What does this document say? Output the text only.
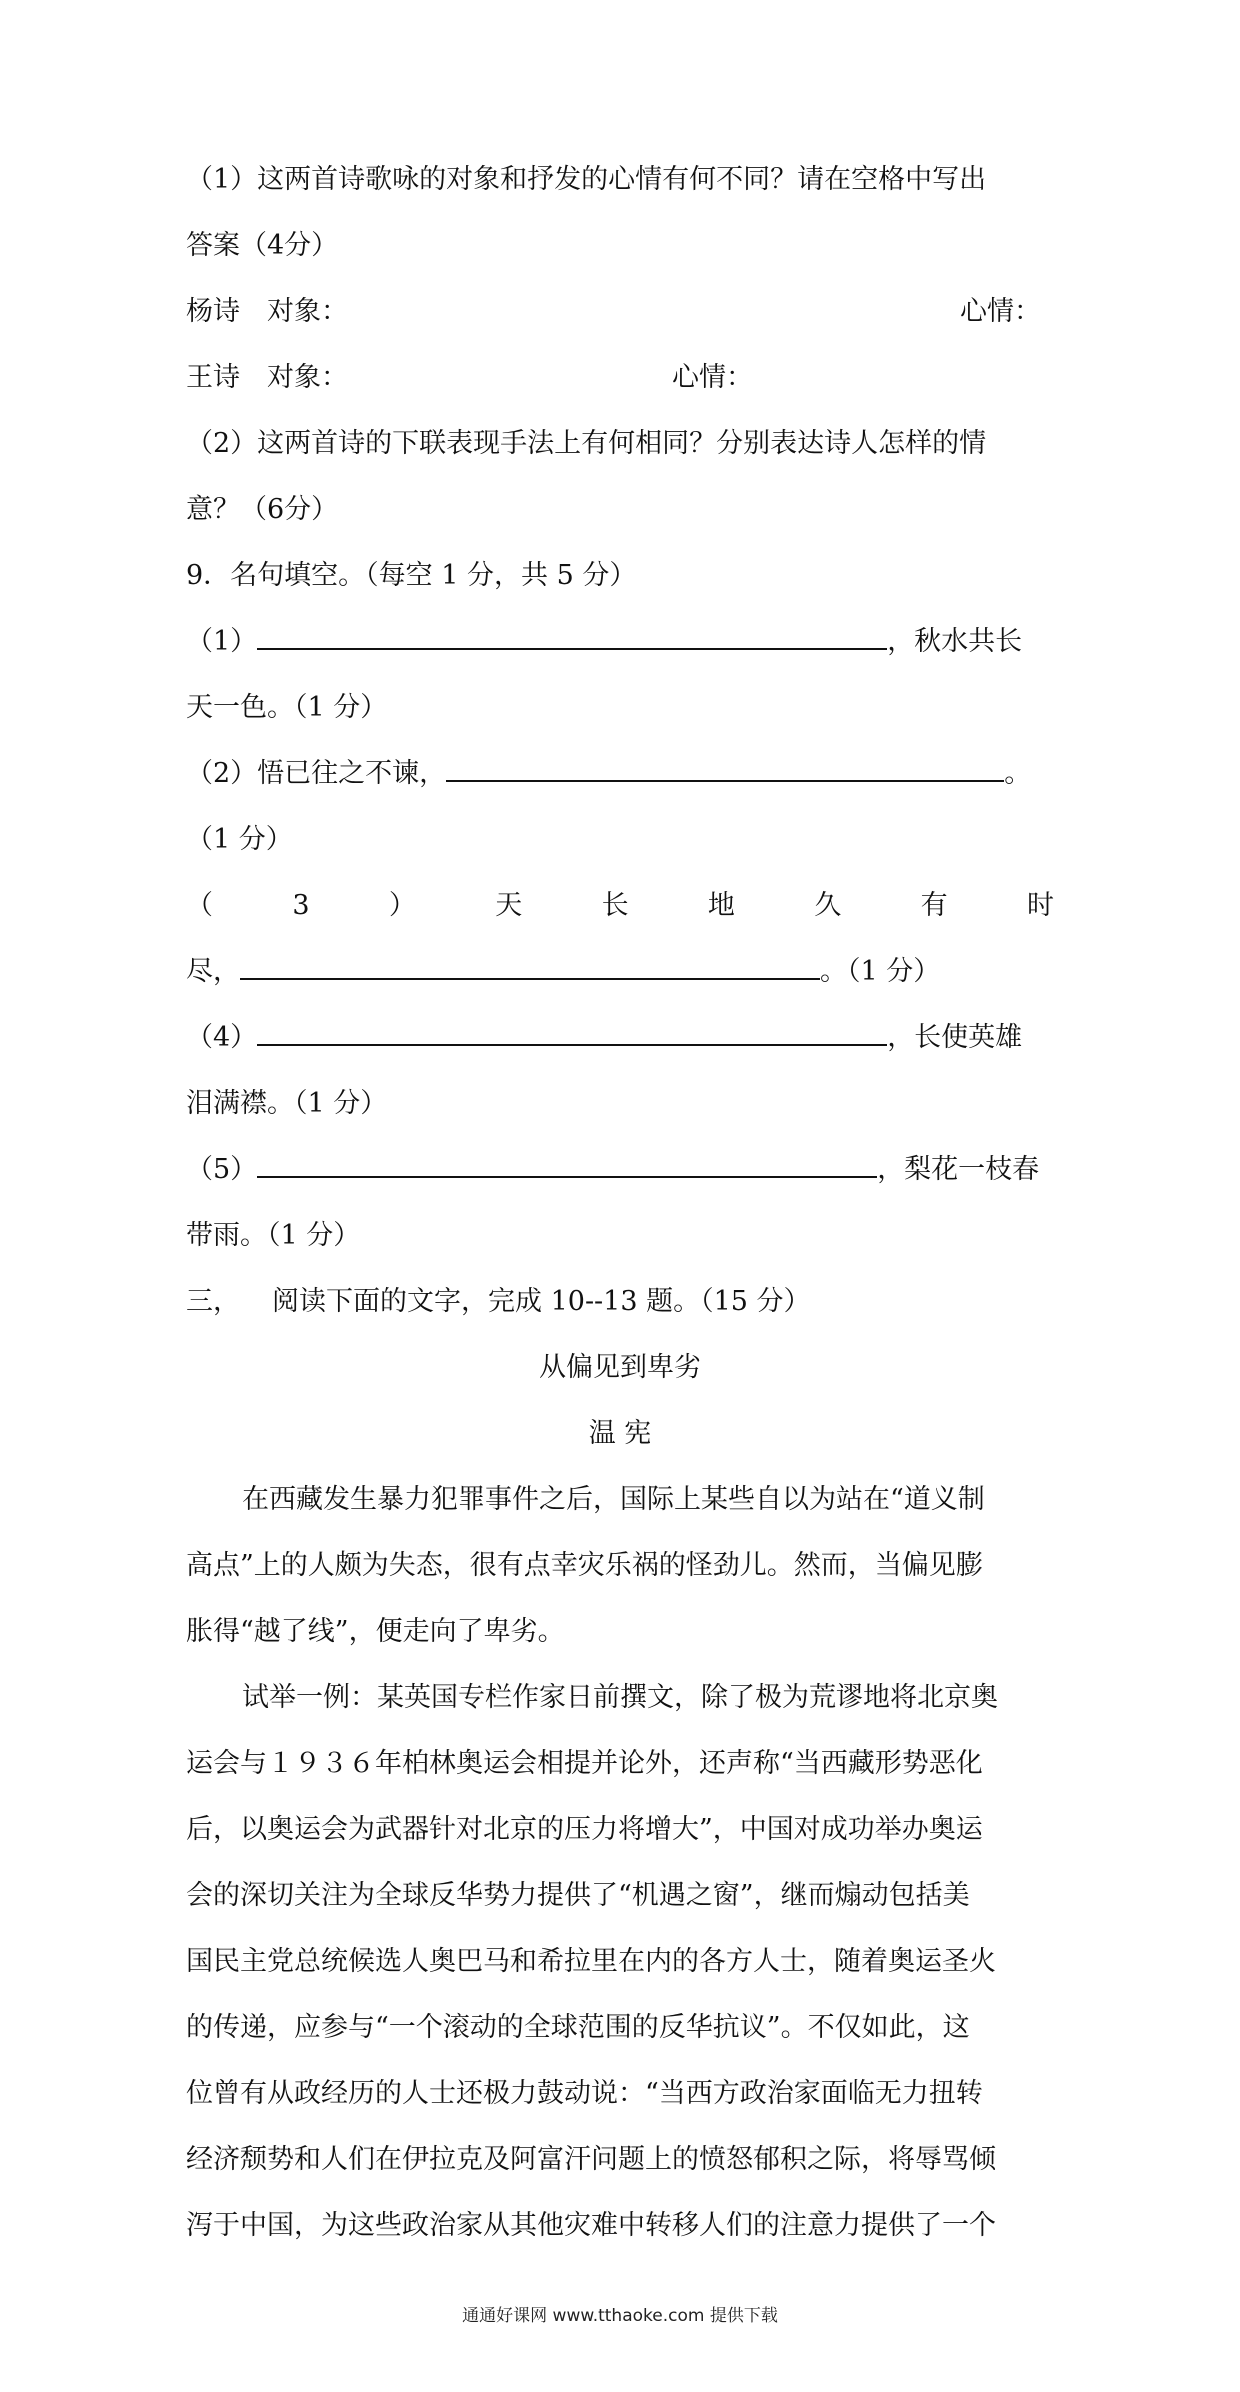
（1）这两首诗歌咏的对象和抒发的心情有何不同？请在空格中写出
答案（4分）
杨诗　对象：	心情：
王诗　对象：	心情：
（2）这两首诗的下联表现手法上有何相同？分别表达诗人怎样的情
意？（6分）
9．名句填空。（每空 1 分，共 5 分）
（1）	，秋水共长
天一色。（1 分）
（2）悟已往之不谏，	。
（1 分）
（	3	）	天	长	地	久	有	时
尽，	。（1 分）
（4）	，长使英雄
泪满襟。（1 分）
（5）	，梨花一枝春
带雨。（1 分）
三， 阅读下面的文字，完成 10--13 题。（15 分）
从偏见到卑劣
温 宪
在西藏发生暴力犯罪事件之后，国际上某些自以为站在“道义制
高点”上的人颇为失态，很有点幸灾乐祸的怪劲儿。然而，当偏见膨
胀得“越了线”，便走向了卑劣。
试举一例：某英国专栏作家日前撰文，除了极为荒谬地将北京奥
运会与１９３６年柏林奥运会相提并论外，还声称“当西藏形势恶化
后，以奥运会为武器针对北京的压力将增大”，中国对成功举办奥运
会的深切关注为全球反华势力提供了“机遇之窗”，继而煽动包括美
国民主党总统候选人奥巴马和希拉里在内的各方人士，随着奥运圣火
的传递，应参与“一个滚动的全球范围的反华抗议”。不仅如此，这
位曾有从政经历的人士还极力鼓动说：“当西方政治家面临无力扭转
经济颓势和人们在伊拉克及阿富汗问题上的愤怒郁积之际，将辱骂倾
泻于中国，为这些政治家从其他灾难中转移人们的注意力提供了一个
通通好课网 www.tthaoke.com 提供下载
